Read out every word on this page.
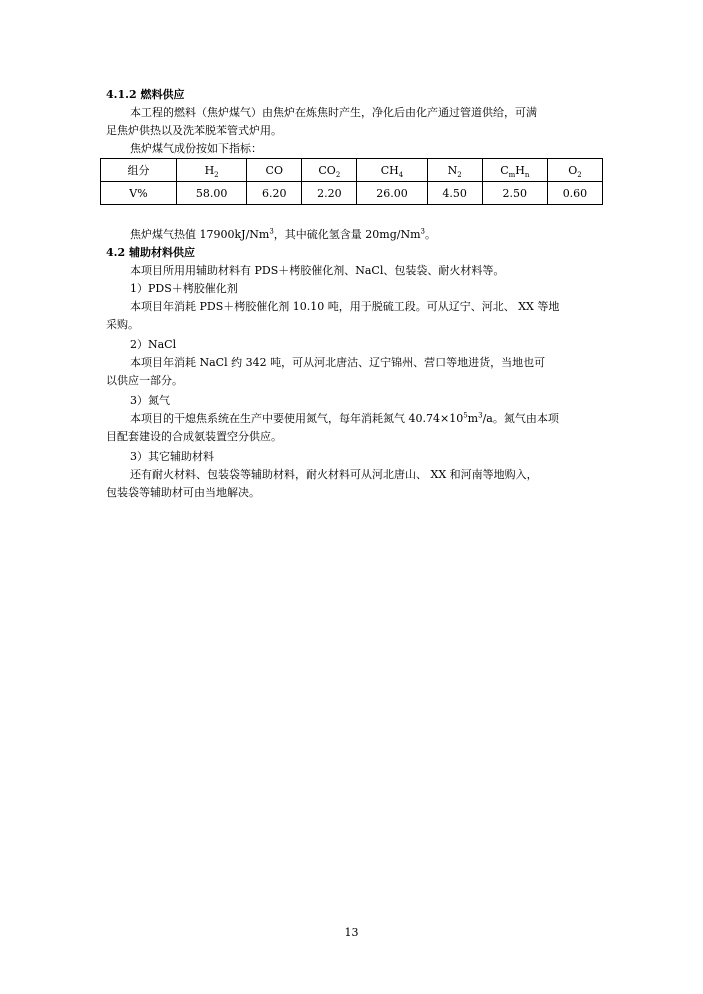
4.1.2 燃料供应
本工程的燃料（焦炉煤气）由焦炉在炼焦时产生，净化后由化产通过管道供给，可满
足焦炉供热以及洗苯脱苯管式炉用。
焦炉煤气成份按如下指标：
组分	$H_2$	CO	$CO_2$	$CH_4$	$N_2$	$C_mH_n$	$O_2$
V%	58.00	6.20	2.20	26.00	4.50	2.50	0.60
焦炉煤气热值 17900kJ/Nm$^3$，其中硫化氢含量 20mg/Nm$^3$。
4.2 辅助材料供应
本项目所用用辅助材料有 PDS＋栲胶催化剂、NaCl、包装袋、耐火材料等。
1）PDS＋栲胶催化剂
本项目年消耗 PDS＋栲胶催化剂 10.10 吨，用于脱硫工段。可从辽宁、河北、 XX 等地
采购。
2）NaCl
本项目年消耗 NaCl 约 342 吨，可从河北唐沽、辽宁锦州、营口等地进货，当地也可
以供应一部分。
3）氮气
本项目的干熄焦系统在生产中要使用氮气，每年消耗氮气 $40.74\times 10^5m^3/a$。氮气由本项
目配套建设的合成氨装置空分供应。
3）其它辅助材料
还有耐火材料、包装袋等辅助材料，耐火材料可从河北唐山、 XX 和河南等地购入，
包装袋等辅助材可由当地解决。
13
